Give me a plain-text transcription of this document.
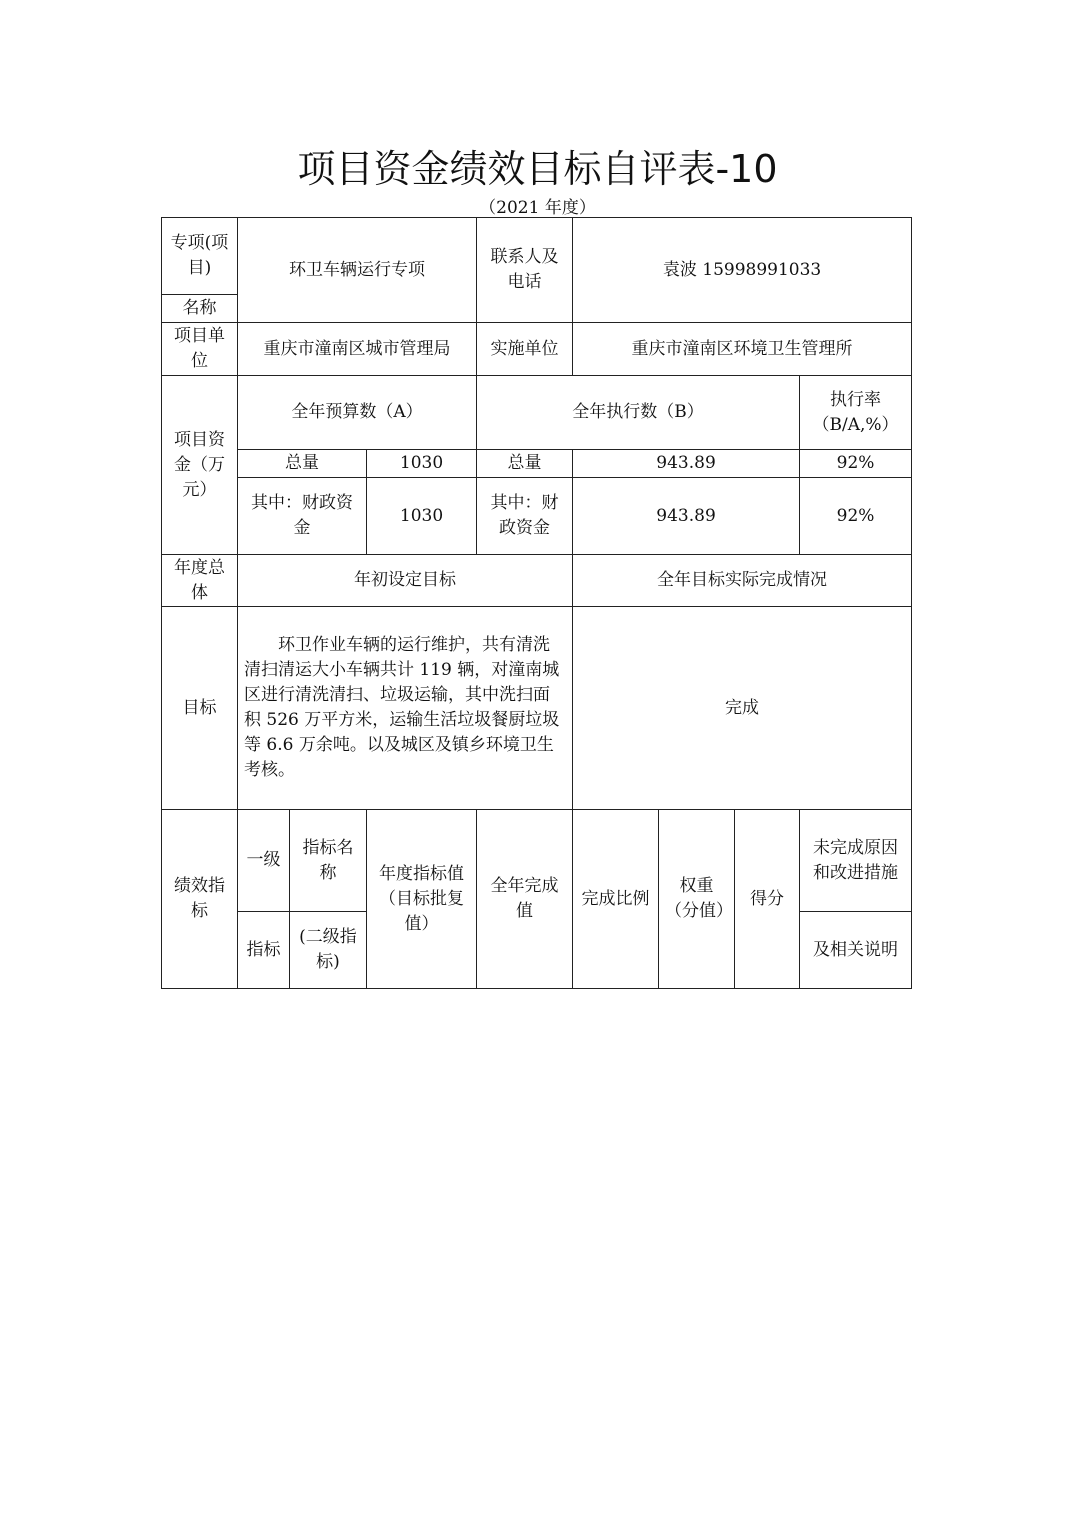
项目资金绩效目标自评表-10
（2021 年度）
专项(项目)	环卫车辆运行专项			联系人及电话	袁波 15998991033			
名称								
项目单位	重庆市潼南区城市管理局			实施单位	重庆市潼南区环境卫生管理所			
项目资金（万元）	全年预算数（A）			全年执行数（B）				执行率（B/A,%）
	总量		1030	总量	943.89			92%
	其中：财政资金		1030	其中：财政资金	943.89			92%
年度总体	年初设定目标				全年目标实际完成情况			
目标	环卫作业车辆的运行维护，共有清洗清扫清运大小车辆共计 119 辆，对潼南城区进行清洗清扫、垃圾运输，其中洗扫面积 526 万平方米，运输生活垃圾餐厨垃圾等 6.6 万余吨。以及城区及镇乡环境卫生考核。				完成			
绩效指标	一级	指标名称	年度指标值（目标批复值）	全年完成值	完成比例	权重（分值）	得分	未完成原因和改进措施
	指标	(二级指标)						及相关说明
